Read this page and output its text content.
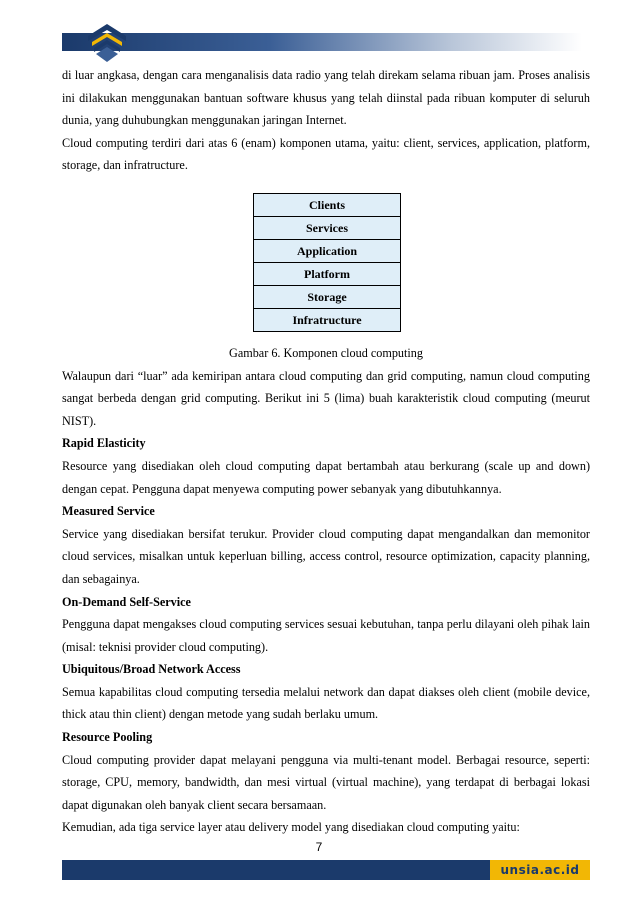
di luar angkasa, dengan cara menganalisis data radio yang telah direkam selama ribuan jam. Proses analisis ini dilakukan menggunakan bantuan software khusus yang telah diinstal pada ribuan komputer di seluruh dunia, yang duhubungkan menggunakan jaringan Internet.

Cloud computing terdiri dari atas 6 (enam) komponen utama, yaitu: client, services, application, platform, storage, dan infratructure.

Clients
Services
Application
Platform
Storage
Infratructure

Gambar 6. Komponen cloud computing

Walaupun dari “luar” ada kemiripan antara cloud computing dan grid computing, namun cloud computing sangat berbeda dengan grid computing. Berikut ini 5 (lima) buah karakteristik cloud computing (meurut NIST).

Rapid Elasticity

Resource yang disediakan oleh cloud computing dapat bertambah atau berkurang (scale up and down) dengan cepat. Pengguna dapat menyewa computing power sebanyak yang dibutuhkannya.

Measured Service

Service yang disediakan bersifat terukur. Provider cloud computing dapat mengandalkan dan memonitor cloud services, misalkan untuk keperluan billing, access control, resource optimization, capacity planning, dan sebagainya.

On-Demand Self-Service

Pengguna dapat mengakses cloud computing services sesuai kebutuhan, tanpa perlu dilayani oleh pihak lain (misal: teknisi provider cloud computing).

Ubiquitous/Broad Network Access

Semua kapabilitas cloud computing tersedia melalui network dan dapat diakses oleh client (mobile device, thick atau thin client) dengan metode yang sudah berlaku umum.

Resource Pooling

Cloud computing provider dapat melayani pengguna via multi-tenant model. Berbagai resource, seperti: storage, CPU, memory, bandwidth, dan mesi virtual (virtual machine), yang terdapat di berbagai lokasi dapat digunakan oleh banyak client secara bersamaan.

Kemudian, ada tiga service layer atau delivery model yang disediakan cloud computing yaitu:

7
unsia.ac.id
